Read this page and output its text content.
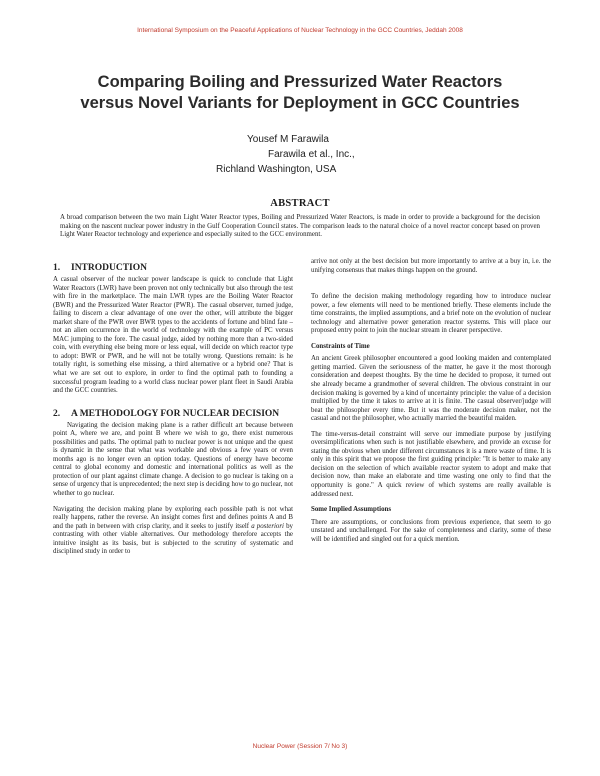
International Symposium on the Peaceful Applications of Nuclear Technology in the GCC Countries, Jeddah 2008
Comparing Boiling and Pressurized Water Reactors
versus Novel Variants for Deployment in GCC Countries
Yousef M Farawila
Farawila et al., Inc.,
Richland Washington, USA
ABSTRACT

A broad comparison between the two main Light Water Reactor types, Boiling and Pressurized Water Reactors, is made in order to provide a background for the decision making on the nascent nuclear power industry in the Gulf Cooperation Council states. The comparison leads to the natural choice of a novel reactor concept based on proven Light Water Reactor technology and experience and especially suited to the GCC environment.

1.	INTRODUCTION

A casual observer of the nuclear power landscape is quick to conclude that Light Water Reactors (LWR) have been proven not only technically but also through the test with fire in the marketplace. The main LWR types are the Boiling Water Reactor (BWR) and the Pressurized Water Reactor (PWR). The casual observer, turned judge, failing to discern a clear advantage of one over the other, will attribute the bigger market share of the PWR over BWR types to the accidents of fortune and blind fate – not an alien occurrence in the world of technology with the example of PC versus MAC jumping to the fore. The casual judge, aided by nothing more than a two-sided coin, with everything else being more or less equal, will decide on which reactor type to adopt: BWR or PWR, and he will not be totally wrong. Questions remain: is he totally right, is something else missing, a third alternative or a hybrid one? That is what we are set out to explore, in order to find the optimal path to founding a successful program leading to a world class nuclear power plant fleet in Saudi Arabia and the GCC countries.

2.	A METHODOLOGY FOR NUCLEAR DECISION

Navigating the decision making plane is a rather difficult art because between point A, where we are, and point B where we wish to go, there exist numerous possibilities and paths. The optimal path to nuclear power is not unique and the quest is dynamic in the sense that what was workable and obvious a few years or even months ago is no longer even an option today. Questions of energy have become central to global economy and domestic and international politics as well as the protection of our plant against climate change. A decision to go nuclear is taking on a sense of urgency that is unprecedented; the next step is deciding how to go nuclear, not whether to go nuclear.

Navigating the decision making plane by exploring each possible path is not what really happens, rather the reverse. An insight comes first and defines points A and B and the path in between with crisp clarity, and it seeks to justify itself a posteriori by contrasting with other viable alternatives. Our methodology therefore accepts the intuitive insight as its basis, but is subjected to the scrutiny of systematic and disciplined study in order to

arrive not only at the best decision but more importantly to arrive at a buy in, i.e. the unifying consensus that makes things happen on the ground.

To define the decision making methodology regarding how to introduce nuclear power, a few elements will need to be mentioned briefly. These elements include the time constraints, the implied assumptions, and a brief note on the evolution of nuclear technology and alternative power generation reactor systems. This will place our proposed entry point to join the nuclear stream in clearer perspective.

Constraints of Time

An ancient Greek philosopher encountered a good looking maiden and contemplated getting married. Given the seriousness of the matter, he gave it the most thorough consideration and deepest thoughts. By the time he decided to propose, it turned out she already became a grandmother of several children. The obvious constraint in our decision making is governed by a kind of uncertainty principle: the value of a decision multiplied by the time it takes to arrive at it is finite. The casual observer/judge will beat the philosopher every time. But it was the moderate decision maker, not the casual and not the philosopher, who actually married the beautiful maiden.

The time-versus-detail constraint will serve our immediate purpose by justifying oversimplifications when such is not justifiable elsewhere, and provide an excuse for stating the obvious when under different circumstances it is a mere waste of time. It is only in this spirit that we propose the first guiding principle: "It is better to make any decision on the selection of which available reactor system to adopt and make that decision now, than make an elaborate and time wasting one only to find that the opportunity is gone." A quick review of which systems are really available is addressed next.

Some Implied Assumptions

There are assumptions, or conclusions from previous experience, that seem to go unstated and unchallenged. For the sake of completeness and clarity, some of these will be identified and singled out for a quick mention.

Nuclear Power (Session 7/ No 3)
